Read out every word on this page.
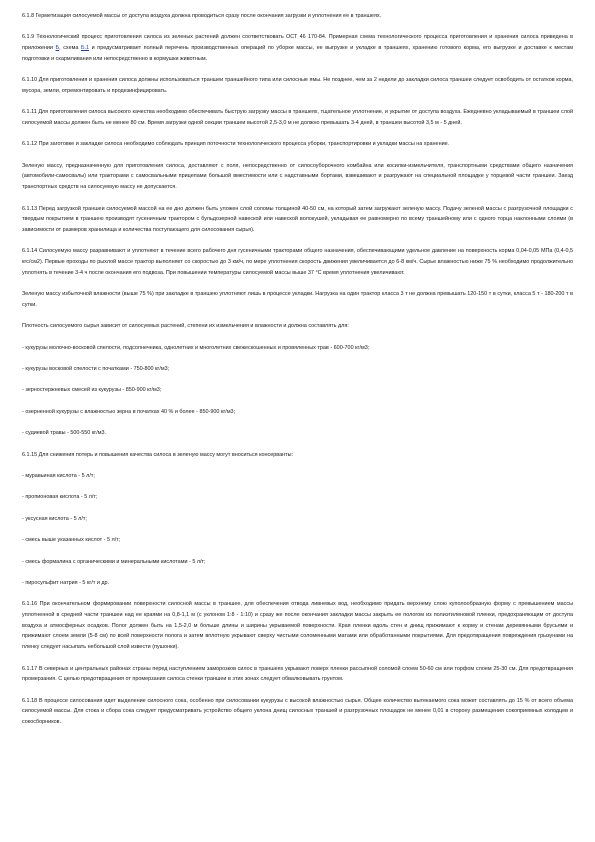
6.1.8 Герметизация силосуемой массы от доступа воздуха должна проводиться сразу после окончания загрузки и уплотнения ее в траншеях.

6.1.9 Технологический процесс приготовления силоса из зеленых растений должен соответствовать ОСТ 46 170-84. Примерная схема технологического процесса приготовления и хранения силоса приведена в приложении Б, схема Б.1 и предусматривает полный перечень производственных операций по уборке массы, ее выгрузке и укладке в траншеях, хранению готового корма, его выгрузке и доставке к местам подготовки и скармливания или непосредственно в кормушки животным.

6.1.10 Для приготовления и хранения силоса должны использоваться траншеи траншейного типа или силосные ямы. Не позднее, чем за 2 недели до закладки силоса траншеи следует освободить от остатков корма, мусора, земли, отремонтировать и продезинфицировать.

6.1.11 Для приготовления силоса высокого качества необходимо обеспечивать быструю загрузку массы в траншеях, тщательное уплотнение, и укрытие от доступа воздуха. Ежедневно укладываемый в траншеи слой силосуемой массы должен быть не менее 80 см. Время загрузки одной секции траншеи высотой 2,5-3,0 м не должно превышать 3-4 дней, в траншеи высотой 3,5 м - 5 дней.

6.1.12 При заготовке и закладке силоса необходимо соблюдать принцип поточности технологического процесса уборки, транспортировки и укладки массы на хранение.

Зеленую массу, предназначенную для приготовления силоса, доставляют с поля, непосредственно от силосоуборочного комбайна или косилки-измельчителя, транспортными средствами общего назначения (автомобили-самосвалы) или тракторами с самосвальными прицепами большой вместимости или с надставными бортами, взвешивают и разгружают на специальной площадке у торцевой части траншеи. Заезд транспортных средств на силосуемую массу не допускается.

6.1.13 Перед загрузкой траншеи силосуемой массой на ее дно должен быть уложен слой соломы толщиной 40-50 см, на который затем загружают зеленую массу. Подачу зеленой массы с разгрузочной площадки с твердым покрытием в траншею производят гусеничным трактором с бульдозерной навеской или навеской волокушей, укладывая ее равномерно по всему траншейному или с одного торца наклонными слоями (в зависимости от размеров хранилища и количества поступающего для силосования сырья).

6.1.14 Силосуемую массу разравнивают и уплотняют в течение всего рабочего дня гусеничными тракторами общего назначения, обеспечивающими удельное давление на поверхность корма 0,04-0,05 МПа (0,4-0,5 кгс/см2). Первые проходы по рыхлой массе трактор выполняет со скоростью до 3 км/ч, по мере уплотнения скорость движения увеличивается до 6-8 км/ч. Сырье влажностью ниже 75 % необходимо продолжительно уплотнять в течение 3-4 ч после окончания его подвоза. При повышении температуры силосуемой массы выше 37 °С время уплотнения увеличивают.

Зеленую массу избыточной влажности (выше 75 %) при закладке в траншею уплотняют лишь в процессе укладки. Нагрузка на один трактор класса 3 т не должна превышать 120-150 т в сутки, класса 5 т - 180-200 т в сутки.

Плотность силосуемого сырья зависит от силосуемых растений, степени их измельчения и влажности и должна составлять для:

- кукурузы молочно-восковой спелости, подсолнечника, однолетних и многолетних свежескошенных и провяленных трав - 600-700 кг/м3;

- кукурузы восковой спелости с початками - 750-800 кг/м3;

- зерностержневых смесей из кукурузы - 850-900 кг/м3;

- озерненной кукурузы с влажностью зерна в початках 40 % и более - 850-900 кг/м3;

- судиевой травы - 500-550 кг/м3.

6.1.15 Для снижения потерь и повышения качества силоса в зеленую массу могут вноситься консерванты:

- муравьиная кислота - 5 л/т;

- пропионовая кислота - 5 л/т;

- уксусная кислота - 5 л/т;

- смесь выше указанных кислот - 5 л/т;

- смесь формалина с органическими и минеральными кислотами - 5 л/т;

- пиросульфит натрия - 5 кг/т и др.

6.1.16 При окончательном формировании поверхности силосной массы в траншее, для обеспечения отвода ливневых вод, необходимо придать верхнему слою куполообразную форму с превышением массы уплотненной в средней части траншеи над ее краями на 0,8-1,1 м (с уклоном 1:8 - 1:10) и сразу же после окончания закладки массы закрыть ее пологом из полиэтиленовой пленки, предохраняющим от доступа воздуха и атмосферных осадков. Полог должен быть на 1,5-2,0 м больше длины и ширины укрываемой поверхности. Края пленки вдоль стен и днищ прижимают к корму и стенам деревянными брусьями и прижимают слоем земли (5-8 см) по всей поверхности полога и затем вплотную укрывают сверху чистыми соломенными матами или обработанными покрытиями. Для предотвращения повреждения грызунами на пленку следует насыпать небольшой слой извести (пушонки).

6.1.17 В северных и центральных районах страны перед наступлением заморозков силос в траншеях укрывают поверх пленки рассыпной соломой слоем 50-60 см или торфом слоем 25-30 см. Для предотвращения промерзания. С целью предотвращения от промерзания силоса стенки траншеи в этих зонах следует обвалковывать грунтом.

6.1.18 В процессе силосования идет выделение силосного сока, особенно при силосовании кукурузы с высокой влажностью сырья. Общее количество вытекаемого сока может составлять до 15 % от всего объема силосуемой массы. Для стока и сбора сока следует предусматривать устройство общего уклона днищ силосных траншей и разгрузочных площадок не менее 0,01 в сторону размещения сокоприемных колодцев и сокосборников.
